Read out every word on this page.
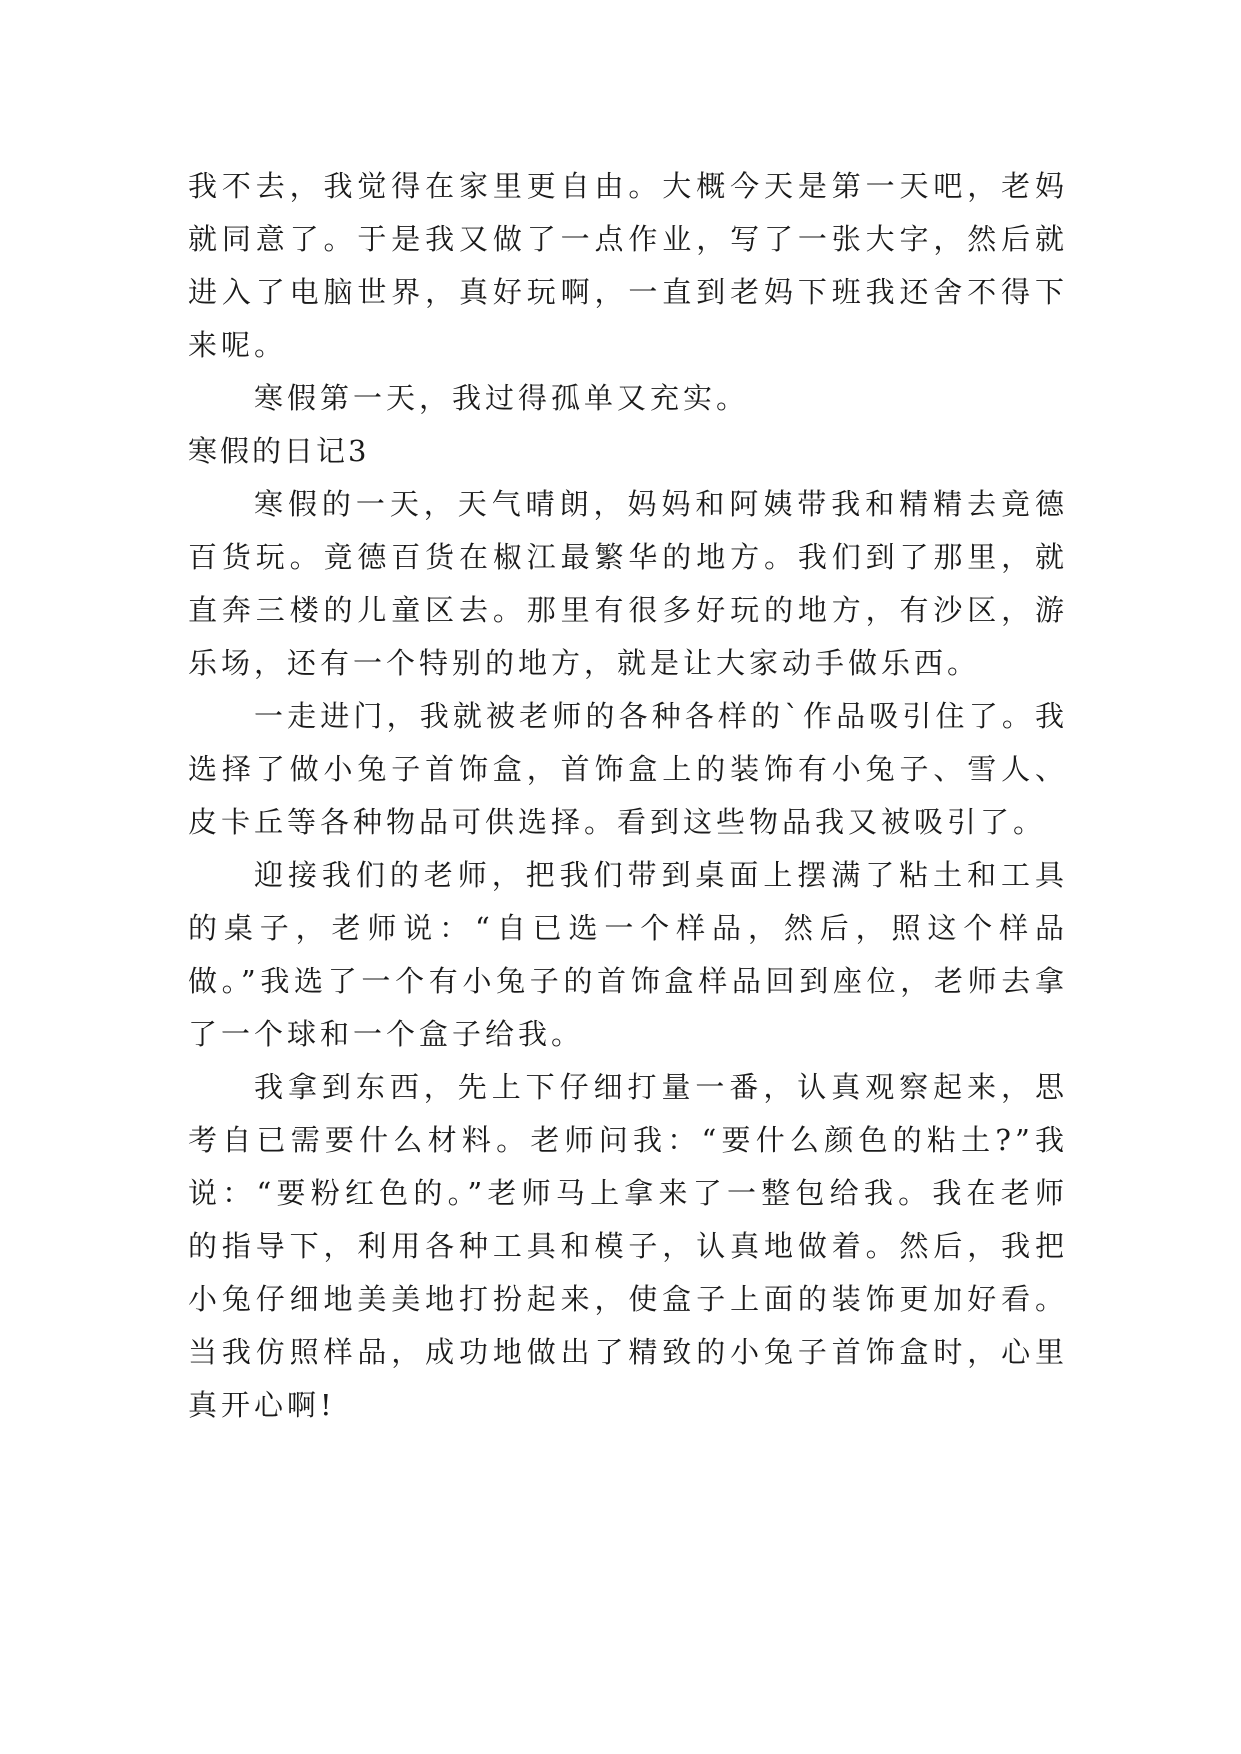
我不去，我觉得在家里更自由。大概今天是第一天吧，老妈就同意了。于是我又做了一点作业，写了一张大字，然后就进入了电脑世界，真好玩啊，一直到老妈下班我还舍不得下来呢。

寒假第一天，我过得孤单又充实。

寒假的日记3

寒假的一天，天气晴朗，妈妈和阿姨带我和精精去竟德百货玩。竟德百货在椒江最繁华的地方。我们到了那里，就直奔三楼的儿童区去。那里有很多好玩的地方，有沙区，游乐场，还有一个特别的地方，就是让大家动手做乐西。

一走进门，我就被老师的各种各样的`作品吸引住了。我选择了做小兔子首饰盒，首饰盒上的装饰有小兔子、雪人、皮卡丘等各种物品可供选择。看到这些物品我又被吸引了。

迎接我们的老师，把我们带到桌面上摆满了粘土和工具的桌子，老师说：“自已选一个样品，然后，照这个样品做。”我选了一个有小兔子的首饰盒样品回到座位，老师去拿了一个球和一个盒子给我。

我拿到东西，先上下仔细打量一番，认真观察起来，思考自已需要什么材料。老师问我：“要什么颜色的粘土?”我说：“要粉红色的。”老师马上拿来了一整包给我。我在老师的指导下，利用各种工具和模子，认真地做着。然后，我把小兔仔细地美美地打扮起来，使盒子上面的装饰更加好看。当我仿照样品，成功地做出了精致的小兔子首饰盒时，心里真开心啊!
